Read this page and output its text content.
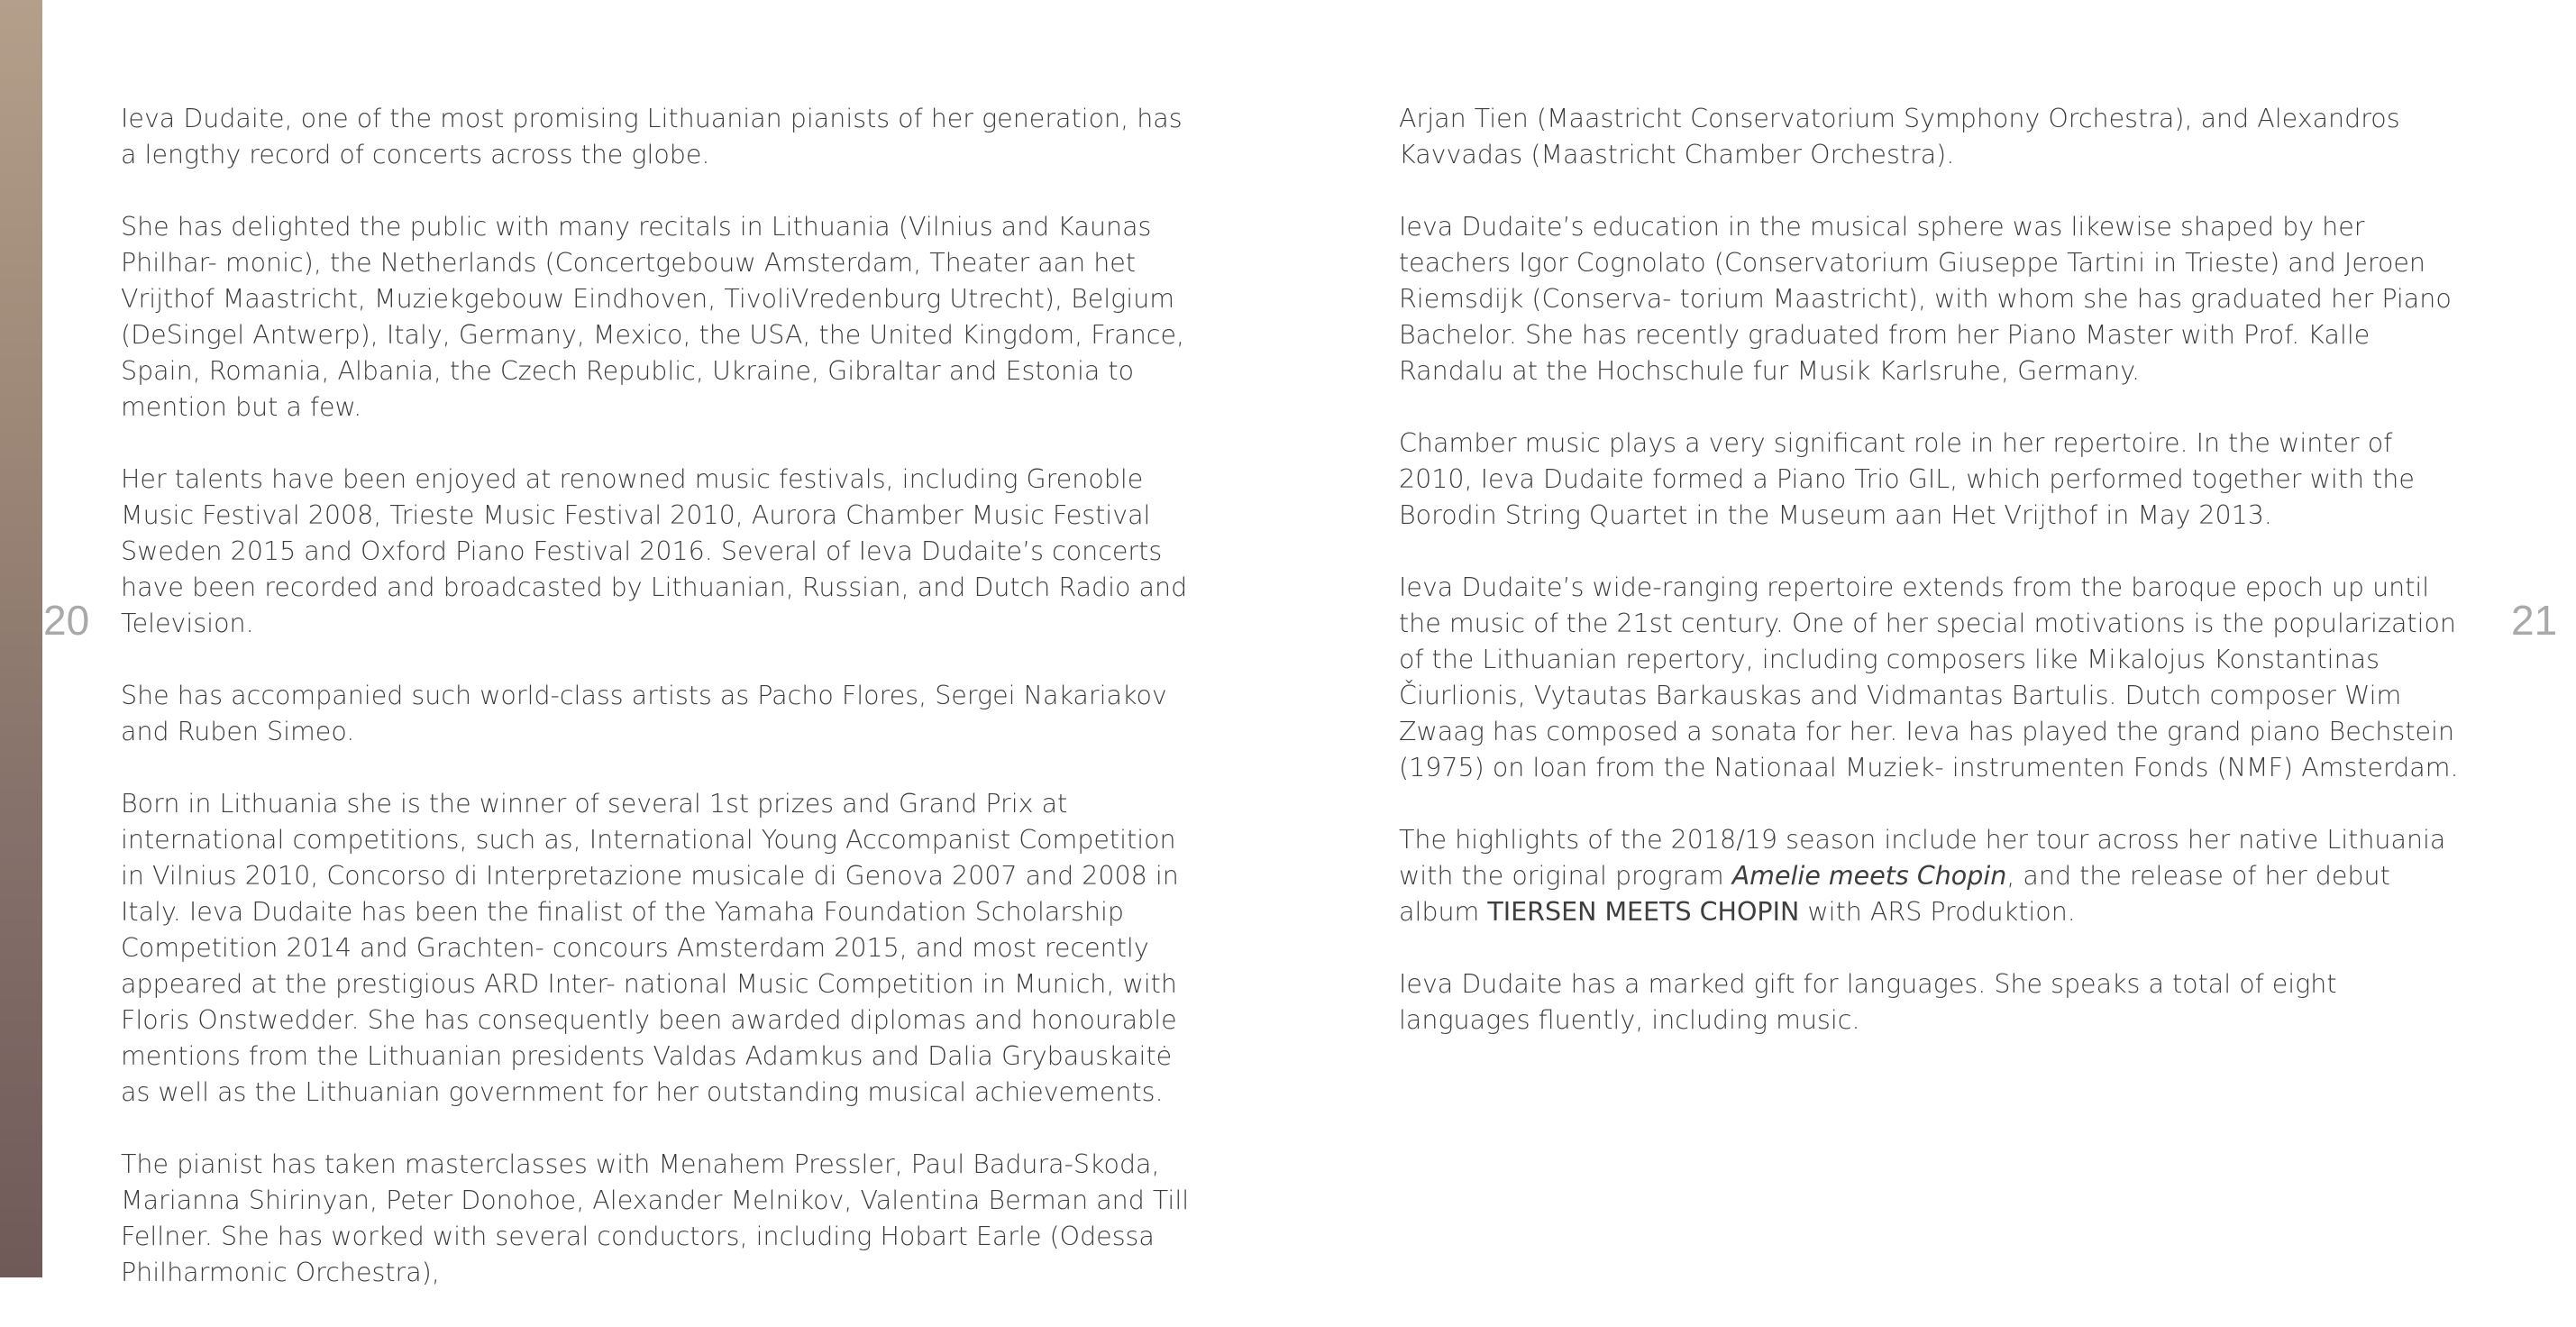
20	21

Ieva Dudaite, one of the most promising Lithuanian pianists of her generation, has a lengthy record of concerts across the globe.

She has delighted the public with many recitals in Lithuania (Vilnius and Kaunas Philhar- monic), the Netherlands (Concertgebouw Amsterdam, Theater aan het Vrijthof Maastricht, Muziekgebouw Eindhoven, TivoliVredenburg Utrecht), Belgium (DeSingel Antwerp), Italy, Germany, Mexico, the USA, the United Kingdom, France, Spain, Romania, Albania, the Czech Republic, Ukraine, Gibraltar and Estonia to mention but a few.

Her talents have been enjoyed at renowned music festivals, including Grenoble Music Festival 2008, Trieste Music Festival 2010, Aurora Chamber Music Festival Sweden 2015 and Oxford Piano Festival 2016. Several of Ieva Dudaite’s concerts have been recorded and broadcasted by Lithuanian, Russian, and Dutch Radio and Television.

She has accompanied such world-class artists as Pacho Flores, Sergei Nakariakov and Ruben Simeo.

Born in Lithuania she is the winner of several 1st prizes and Grand Prix at international competitions, such as, International Young Accompanist Competition in Vilnius 2010, Concorso di Interpretazione musicale di Genova 2007 and 2008 in Italy. Ieva Dudaite has been the finalist of the Yamaha Foundation Scholarship Competition 2014 and Grachten- concours Amsterdam 2015, and most recently appeared at the prestigious ARD Inter- national Music Competition in Munich, with Floris Onstwedder. She has consequently been awarded diplomas and honourable mentions from the Lithuanian presidents Valdas Adamkus and Dalia Grybauskaitė as well as the Lithuanian government for her outstanding musical achievements.

The pianist has taken masterclasses with Menahem Pressler, Paul Badura-Skoda, Marianna Shirinyan, Peter Donohoe, Alexander Melnikov, Valentina Berman and Till Fellner. She has worked with several conductors, including Hobart Earle (Odessa Philharmonic Orchestra),

Arjan Tien (Maastricht Conservatorium Symphony Orchestra), and Alexandros Kavvadas (Maastricht Chamber Orchestra).

Ieva Dudaite’s education in the musical sphere was likewise shaped by her teachers Igor Cognolato (Conservatorium Giuseppe Tartini in Trieste) and Jeroen Riemsdijk (Conserva- torium Maastricht), with whom she has graduated her Piano Bachelor. She has recently graduated from her Piano Master with Prof. Kalle Randalu at the Hochschule fur Musik Karlsruhe, Germany.

Chamber music plays a very significant role in her repertoire. In the winter of 2010, Ieva Dudaite formed a Piano Trio GIL, which performed together with the Borodin String Quartet in the Museum aan Het Vrijthof in May 2013.

Ieva Dudaite’s wide-ranging repertoire extends from the baroque epoch up until the music of the 21st century. One of her special motivations is the popularization of the Lithuanian repertory, including composers like Mikalojus Konstantinas Čiurlionis, Vytautas Barkauskas and Vidmantas Bartulis. Dutch composer Wim Zwaag has composed a sonata for her. Ieva has played the grand piano Bechstein (1975) on loan from the Nationaal Muziek- instrumenten Fonds (NMF) Amsterdam.

The highlights of the 2018/19 season include her tour across her native Lithuania with the original program Amelie meets Chopin, and the release of her debut album TIERSEN MEETS CHOPIN with ARS Produktion.

Ieva Dudaite has a marked gift for languages. She speaks a total of eight languages fluently, including music.
